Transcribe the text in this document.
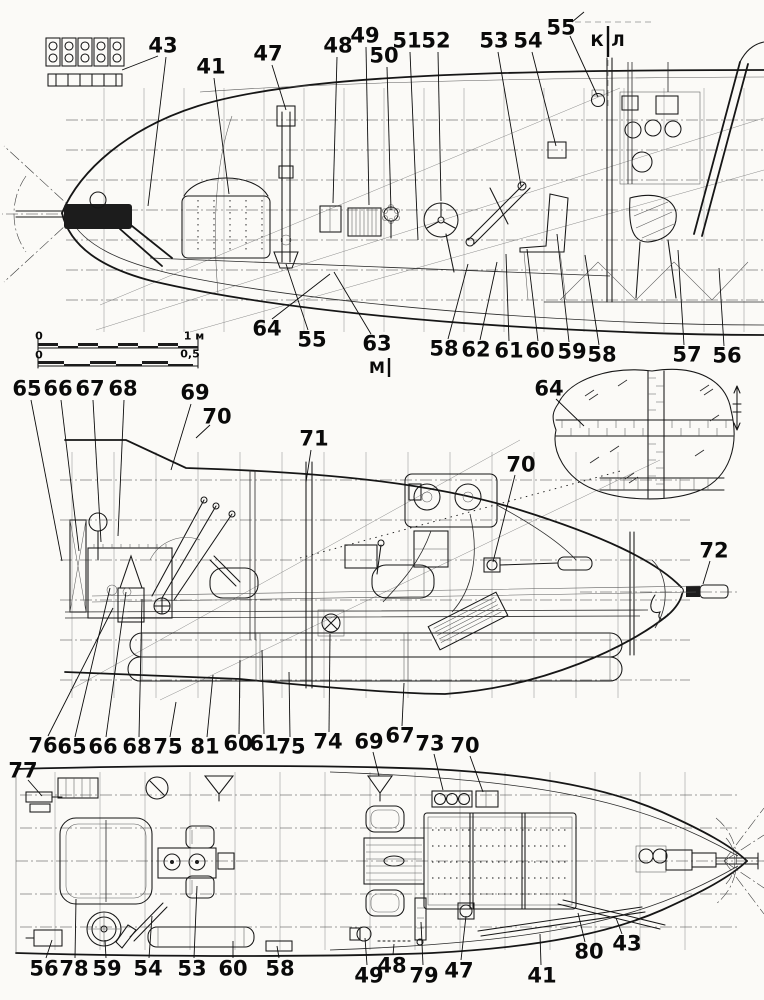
43
41
47 48
49
50
51 52 53 54
55
64 55 63 58 62 61 60 59 58	57 56
65 66 67 68 69
70
71
64
70
72
76 65 66 68 75 81 60
61
75 74 69 67 73 70
77
56 78 59 54 53 60 58	49
48 79 47	41
80 43
К Л
М
0	1 м
0	0,5
